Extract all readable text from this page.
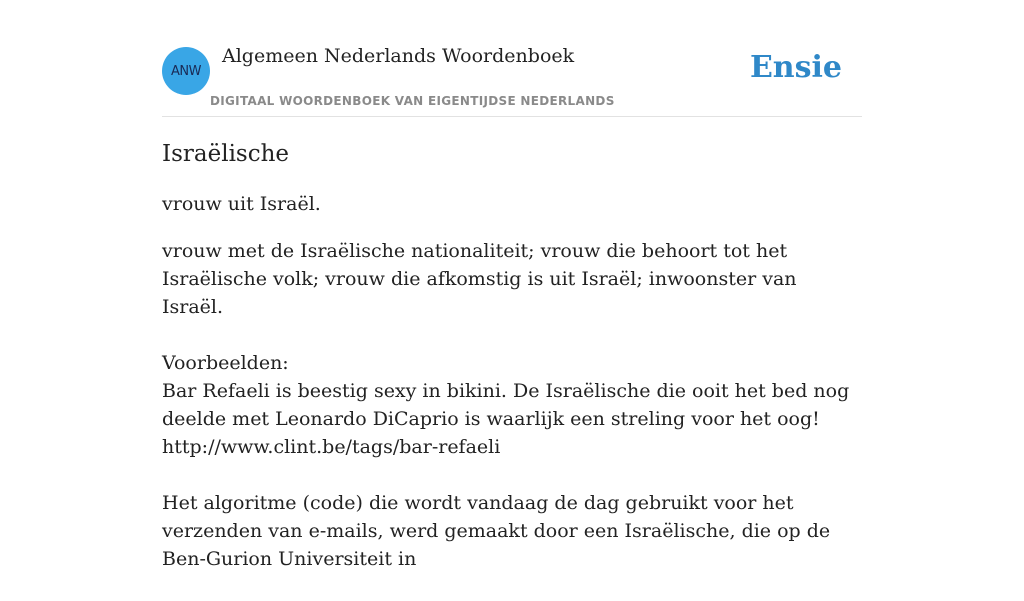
ANW
Algemeen Nederlands Woordenboek
DIGITAAL WOORDENBOEK VAN EIGENTIJDSE NEDERLANDS
Ensie
Israëlische

vrouw uit Israël.

vrouw met de Israëlische nationaliteit; vrouw die behoort tot het Israëlische volk; vrouw die afkomstig is uit Israël; inwoonster van Israël.

Voorbeelden:

Bar Refaeli is beestig sexy in bikini. De Israëlische die ooit het bed nog deelde met Leonardo DiCaprio is waarlijk een streling voor het oog!
http://www.clint.be/tags/bar-refaeli
Het algoritme (code) die wordt vandaag de dag gebruikt voor het verzenden van e-mails, werd gemaakt door een Israëlische, die op de Ben-Gurion Universiteit in
